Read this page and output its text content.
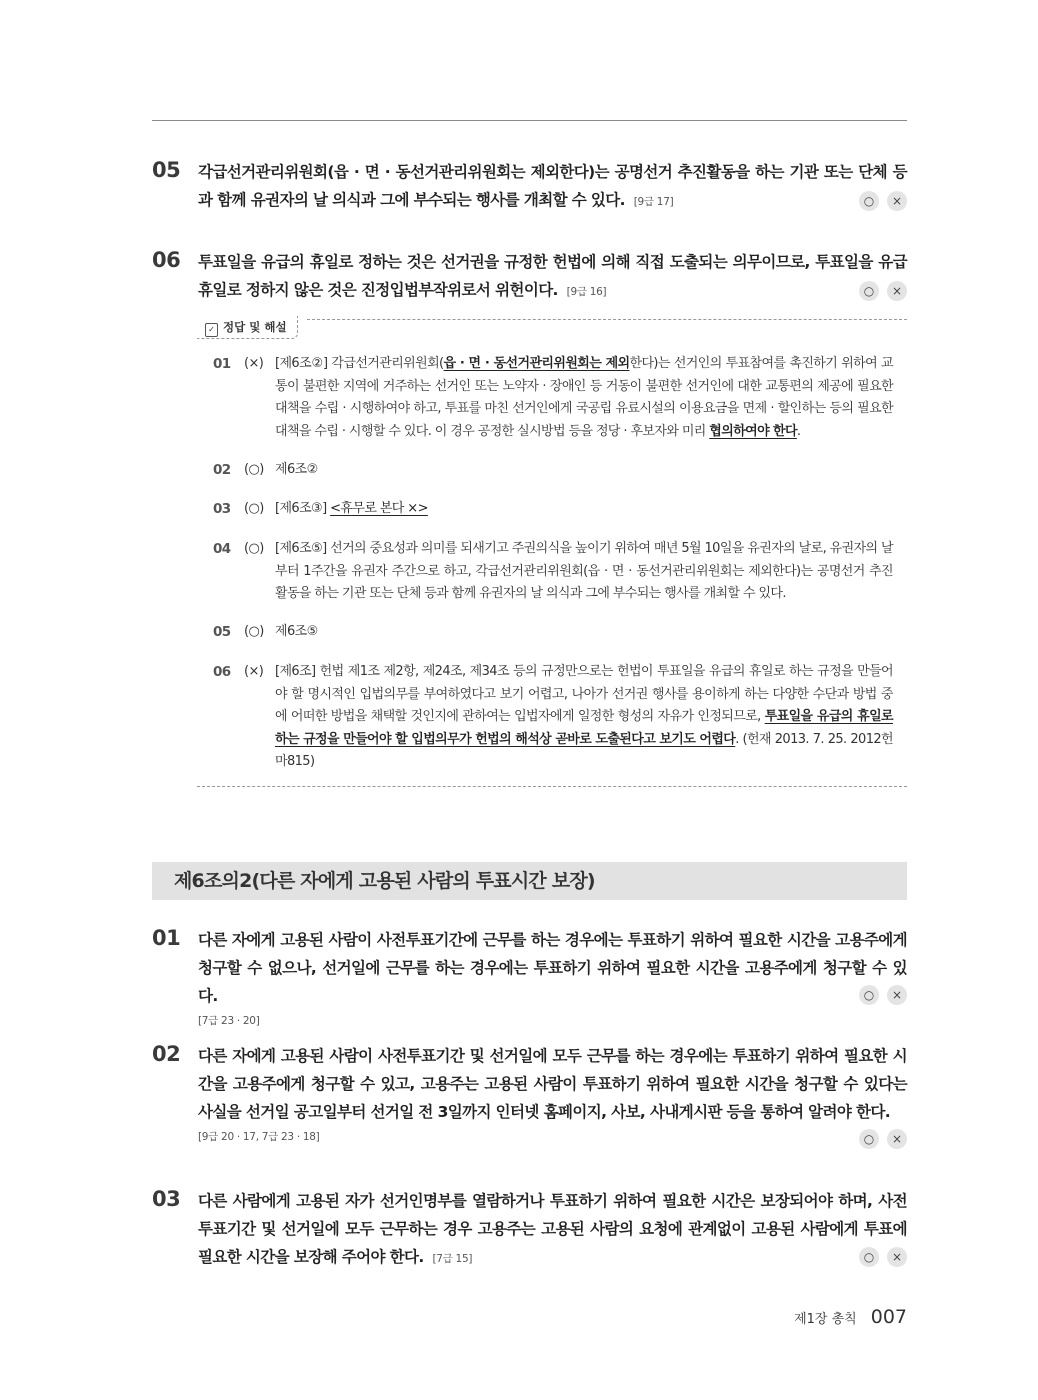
05 각급선거관리위원회(읍 · 면 · 동선거관리위원회는 제외한다)는 공명선거 추진활동을 하는 기관 또는 단체 등과 함께 유권자의 날 의식과 그에 부수되는 행사를 개최할 수 있다. [9급 17]	○	×
06 투표일을 유급의 휴일로 정하는 것은 선거권을 규정한 헌법에 의해 직접 도출되는 의무이므로, 투표일을 유급휴일로 정하지 않은 것은 진정입법부작위로서 위헌이다. [9급 16]	○	×
✓ 정답 및 해설
01 (×) [제6조②] 각급선거관리위원회(읍 · 면 · 동선거관리위원회는 제외한다)는 선거인의 투표참여를 촉진하기 위하여 교통이 불편한 지역에 거주하는 선거인 또는 노약자 · 장애인 등 거동이 불편한 선거인에 대한 교통편의 제공에 필요한 대책을 수립 · 시행하여야 하고, 투표를 마친 선거인에게 국공립 유료시설의 이용요금을 면제 · 할인하는 등의 필요한 대책을 수립 · 시행할 수 있다. 이 경우 공정한 실시방법 등을 정당 · 후보자와 미리 협의하여야 한다.
02 (○) 제6조②
03 (○) [제6조③] <휴무로 본다 ×>
04 (○) [제6조⑤] 선거의 중요성과 의미를 되새기고 주권의식을 높이기 위하여 매년 5월 10일을 유권자의 날로, 유권자의 날부터 1주간을 유권자 주간으로 하고, 각급선거관리위원회(읍 · 면 · 동선거관리위원회는 제외한다)는 공명선거 추진활동을 하는 기관 또는 단체 등과 함께 유권자의 날 의식과 그에 부수되는 행사를 개최할 수 있다.
05 (○) 제6조⑤
06 (×) [제6조] 헌법 제1조 제2항, 제24조, 제34조 등의 규정만으로는 헌법이 투표일을 유급의 휴일로 하는 규정을 만들어야 할 명시적인 입법의무를 부여하였다고 보기 어렵고, 나아가 선거권 행사를 용이하게 하는 다양한 수단과 방법 중에 어떠한 방법을 채택할 것인지에 관하여는 입법자에게 일정한 형성의 자유가 인정되므로, 투표일을 유급의 휴일로 하는 규정을 만들어야 할 입법의무가 헌법의 해석상 곧바로 도출된다고 보기도 어렵다. (헌재 2013. 7. 25. 2012헌마815)
제6조의2(다른 자에게 고용된 사람의 투표시간 보장)
01 다른 자에게 고용된 사람이 사전투표기간에 근무를 하는 경우에는 투표하기 위하여 필요한 시간을 고용주에게 청구할 수 없으나, 선거일에 근무를 하는 경우에는 투표하기 위하여 필요한 시간을 고용주에게 청구할 수 있다.
[7급 23 · 20]
○	×
02 다른 자에게 고용된 사람이 사전투표기간 및 선거일에 모두 근무를 하는 경우에는 투표하기 위하여 필요한 시간을 고용주에게 청구할 수 있고, 고용주는 고용된 사람이 투표하기 위하여 필요한 시간을 청구할 수 있다는 사실을 선거일 공고일부터 선거일 전 3일까지 인터넷 홈페이지, 사보, 사내게시판 등을 통하여 알려야 한다.
[9급 20 · 17, 7급 23 · 18]	○	×
03 다른 사람에게 고용된 자가 선거인명부를 열람하거나 투표하기 위하여 필요한 시간은 보장되어야 하며, 사전투표기간 및 선거일에 모두 근무하는 경우 고용주는 고용된 사람의 요청에 관계없이 고용된 사람에게 투표에 필요한 시간을 보장해 주어야 한다. [7급 15]	○	×
제1장 총칙 007
